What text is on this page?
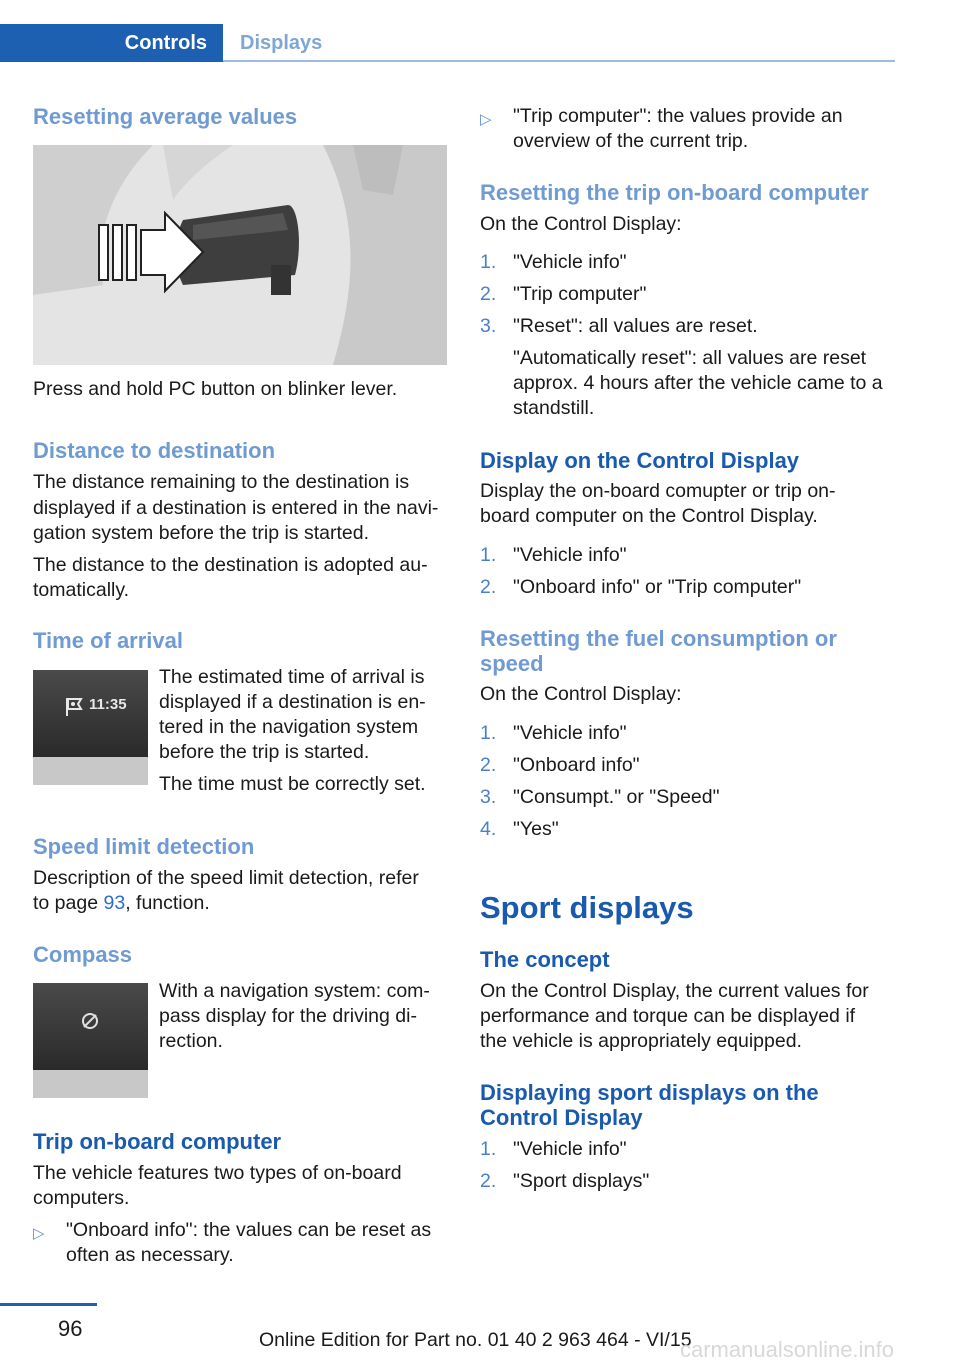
Controls	Displays
Resetting average values
Press and hold PC button on blinker lever.
Distance to destination
The distance remaining to the destination is
displayed if a destination is entered in the navi‐
gation system before the trip is started.
The distance to the destination is adopted au‐
tomatically.
Time of arrival
11:35
The estimated time of arrival is
displayed if a destination is en‐
tered in the navigation system
before the trip is started.
The time must be correctly set.
Speed limit detection
Description of the speed limit detection, refer
to page 93, function.
Compass
With a navigation system: com‐
pass display for the driving di‐
rection.
Trip on-board computer
The vehicle features two types of on-board
computers.
▷ "Onboard info": the values can be reset as
often as necessary.
▷ "Trip computer": the values provide an
overview of the current trip.
Resetting the trip on-board computer
On the Control Display:
1. "Vehicle info"
2. "Trip computer"
3. "Reset": all values are reset.
"Automatically reset": all values are reset
approx. 4 hours after the vehicle came to a
standstill.
Display on the Control Display
Display the on-board comupter or trip on-
board computer on the Control Display.
1. "Vehicle info"
2. "Onboard info" or "Trip computer"
Resetting the fuel consumption or
speed
On the Control Display:
1. "Vehicle info"
2. "Onboard info"
3. "Consumpt." or "Speed"
4. "Yes"
Sport displays
The concept
On the Control Display, the current values for
performance and torque can be displayed if
the vehicle is appropriately equipped.
Displaying sport displays on the
Control Display
1. "Vehicle info"
2. "Sport displays"
96	Online Edition for Part no. 01 40 2 963 464 - VI/15
carmanualsonline.info
